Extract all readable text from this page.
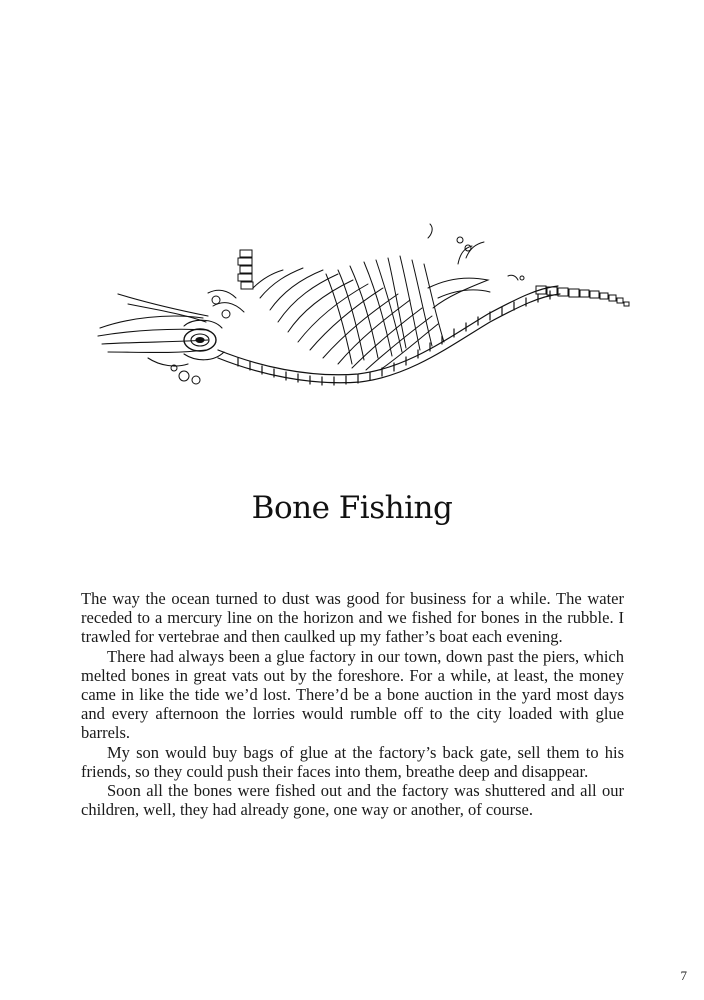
Bone Fishing

The way the ocean turned to dust was good for business for a while. The water receded to a mercury line on the horizon and we fished for bones in the rubble. I trawled for vertebrae and then caulked up my father’s boat each evening.

There had always been a glue factory in our town, down past the piers, which melted bones in great vats out by the foreshore. For a while, at least, the money came in like the tide we’d lost. There’d be a bone auction in the yard most days and every afternoon the lorries would rumble off to the city loaded with glue barrels.

My son would buy bags of glue at the factory’s back gate, sell them to his friends, so they could push their faces into them, breathe deep and disappear.

Soon all the bones were fished out and the factory was shuttered and all our children, well, they had already gone, one way or another, of course.

7
